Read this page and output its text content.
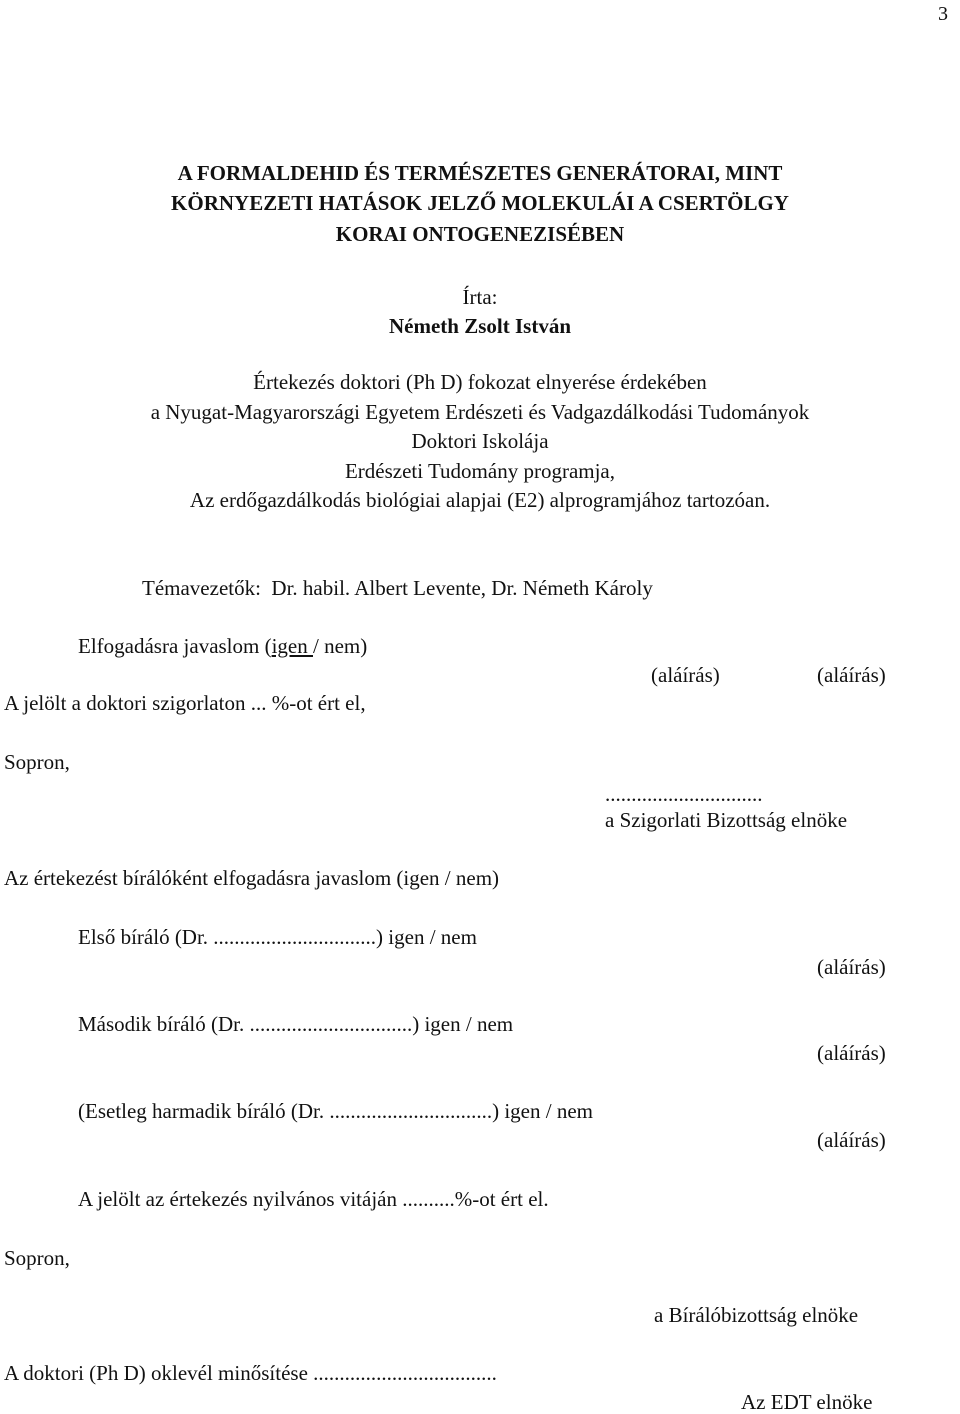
3
A FORMALDEHID ÉS TERMÉSZETES GENERÁTORAI, MINT
KÖRNYEZETI HATÁSOK JELZŐ MOLEKULÁI A CSERTÖLGY
KORAI ONTOGENEZISÉBEN
Írta:
Németh Zsolt István
Értekezés doktori (Ph D) fokozat elnyerése érdekében
a Nyugat-Magyarországi Egyetem Erdészeti és Vadgazdálkodási Tudományok
Doktori Iskolája
Erdészeti Tudomány programja,
Az erdőgazdálkodás biológiai alapjai (E2) alprogramjához tartozóan.
Témavezetők:  Dr. habil. Albert Levente, Dr. Németh Károly
Elfogadásra javaslom (igen / nem)
(aláírás)	(aláírás)
A jelölt a doktori szigorlaton ... %-ot ért el,
Sopron,
..............................
a Szigorlati Bizottság elnöke
Az értekezést bírálóként elfogadásra javaslom (igen / nem)
Első bíráló (Dr. ...............................) igen / nem
(aláírás)
Második bíráló (Dr. ...............................) igen / nem
(aláírás)
(Esetleg harmadik bíráló (Dr. ...............................) igen / nem
(aláírás)
A jelölt az értekezés nyilvános vitáján ..........%-ot ért el.
Sopron,
a Bírálóbizottság elnöke
A doktori (Ph D) oklevél minősítése ...................................
Az EDT elnöke
